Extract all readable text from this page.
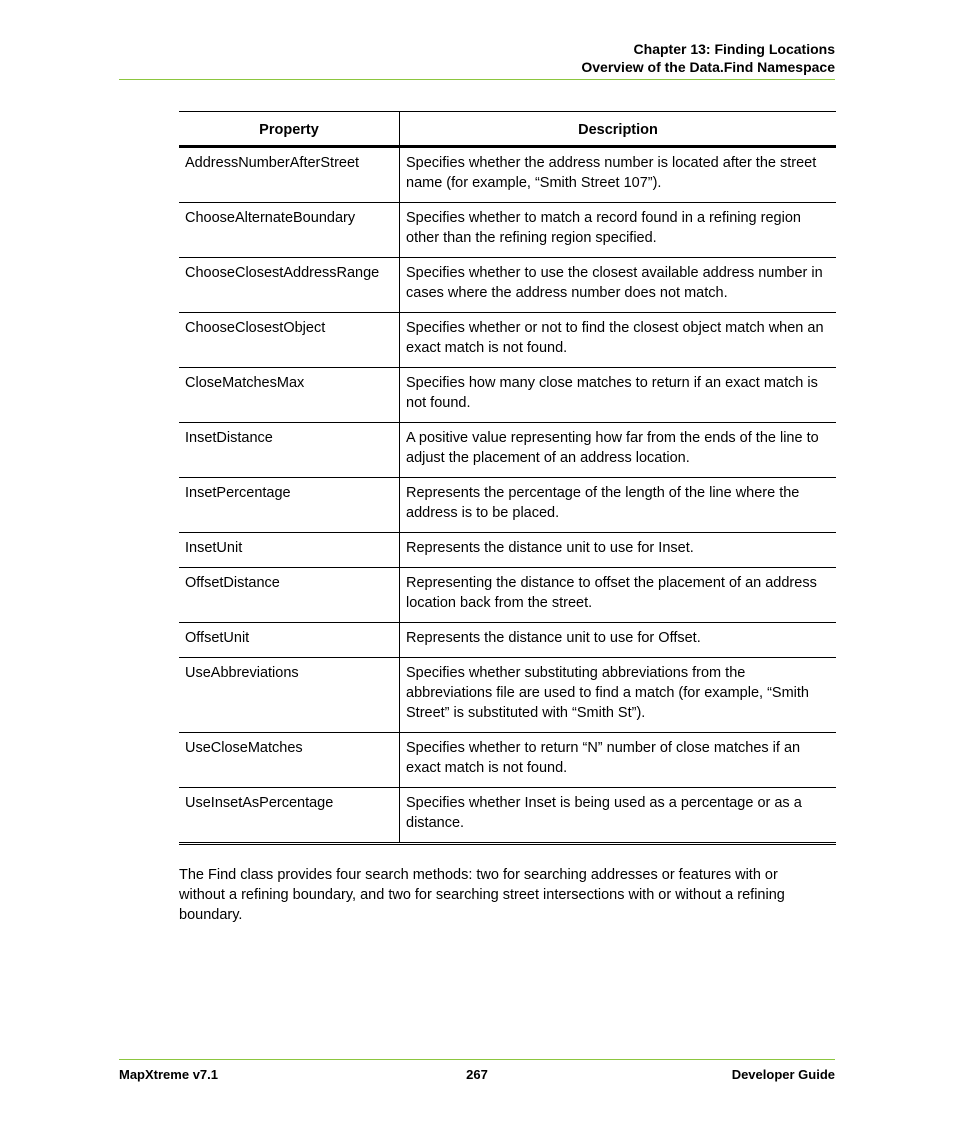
Chapter 13: Finding Locations
Overview of the Data.Find Namespace
Property	Description
AddressNumberAfterStreet	Specifies whether the address number is located after the street name (for example, “Smith Street 107”).
ChooseAlternateBoundary	Specifies whether to match a record found in a refining region other than the refining region specified.
ChooseClosestAddressRange	Specifies whether to use the closest available address number in cases where the address number does not match.
ChooseClosestObject	Specifies whether or not to find the closest object match when an exact match is not found.
CloseMatchesMax	Specifies how many close matches to return if an exact match is not found.
InsetDistance	A positive value representing how far from the ends of the line to adjust the placement of an address location.
InsetPercentage	Represents the percentage of the length of the line where the address is to be placed.
InsetUnit	Represents the distance unit to use for Inset.
OffsetDistance	Representing the distance to offset the placement of an address location back from the street.
OffsetUnit	Represents the distance unit to use for Offset.
UseAbbreviations	Specifies whether substituting abbreviations from the abbreviations file are used to find a match (for example, “Smith Street” is substituted with “Smith St”).
UseCloseMatches	Specifies whether to return “N” number of close matches if an exact match is not found.
UseInsetAsPercentage	Specifies whether Inset is being used as a percentage or as a distance.

The Find class provides four search methods: two for searching addresses or features with or without a refining boundary, and two for searching street intersections with or without a refining boundary.

MapXtreme v7.1	267	Developer Guide
